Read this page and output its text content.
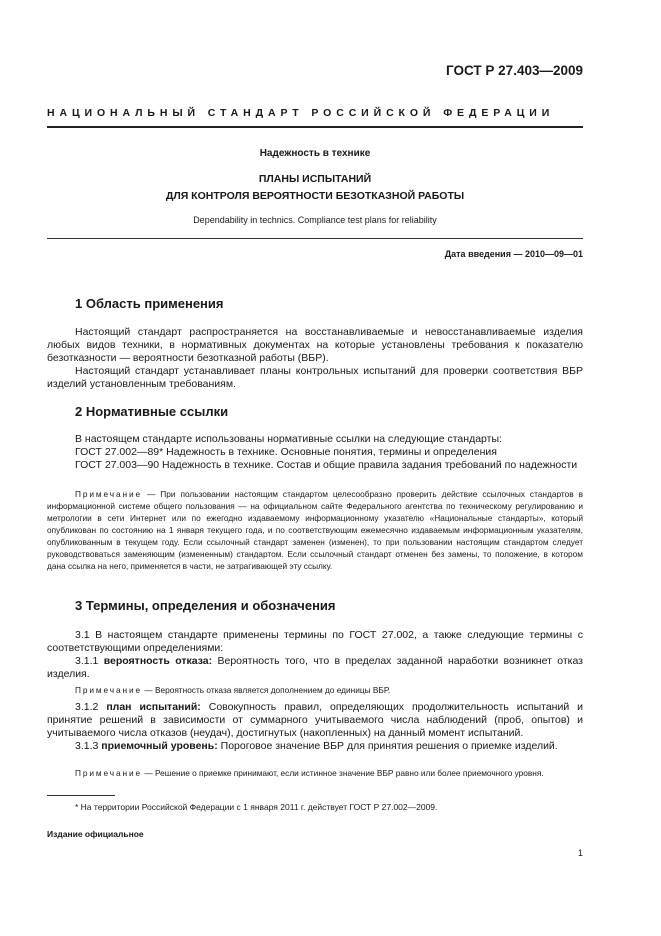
ГОСТ Р 27.403—2009
НАЦИОНАЛЬНЫЙ СТАНДАРТ РОССИЙСКОЙ ФЕДЕРАЦИИ
Надежность в технике
ПЛАНЫ ИСПЫТАНИЙ
ДЛЯ КОНТРОЛЯ ВЕРОЯТНОСТИ БЕЗОТКАЗНОЙ РАБОТЫ
Dependability in technics. Compliance test plans for reliability
Дата введения — 2010—09—01
1 Область применения

Настоящий стандарт распространяется на восстанавливаемые и невосстанавливаемые изделия любых видов техники, в нормативных документах на которые установлены требования к показателю безотказности — вероятности безотказной работы (ВБР).

Настоящий стандарт устанавливает планы контрольных испытаний для проверки соответствия ВБР изделий установленным требованиям.

2 Нормативные ссылки

В настоящем стандарте использованы нормативные ссылки на следующие стандарты:

ГОСТ 27.002—89* Надежность в технике. Основные понятия, термины и определения

ГОСТ 27.003—90 Надежность в технике. Состав и общие правила задания требований по надежности

Примечание — При пользовании настоящим стандартом целесообразно проверить действие ссылочных стандартов в информационной системе общего пользования — на официальном сайте Федерального агентства по техническому регулированию и метрологии в сети Интернет или по ежегодно издаваемому информационному указателю «Национальные стандарты», который опубликован по состоянию на 1 января текущего года, и по соответствующим ежемесячно издаваемым информационным указателям, опубликованным в текущем году. Если ссылочный стандарт заменен (изменен), то при пользовании настоящим стандартом следует руководствоваться заменяющим (измененным) стандартом. Если ссылочный стандарт отменен без замены, то положение, в котором дана ссылка на него, применяется в части, не затрагивающей эту ссылку.

3 Термины, определения и обозначения

3.1 В настоящем стандарте применены термины по ГОСТ 27.002, а также следующие термины с соответствующими определениями:

3.1.1 вероятность отказа: Вероятность того, что в пределах заданной наработки возникнет отказ изделия.

Примечание — Вероятность отказа является дополнением до единицы ВБР.

3.1.2 план испытаний: Совокупность правил, определяющих продолжительность испытаний и принятие решений в зависимости от суммарного учитываемого числа наблюдений (проб, опытов) и учитываемого числа отказов (неудач), достигнутых (накопленных) на данный момент испытаний.

3.1.3 приемочный уровень: Пороговое значение ВБР для принятия решения о приемке изделий.

Примечание — Решение о приемке принимают, если истинное значение ВБР равно или более приемочного уровня.

* На территории Российской Федерации с 1 января 2011 г. действует ГОСТ Р 27.002—2009.
Издание официальное
1
